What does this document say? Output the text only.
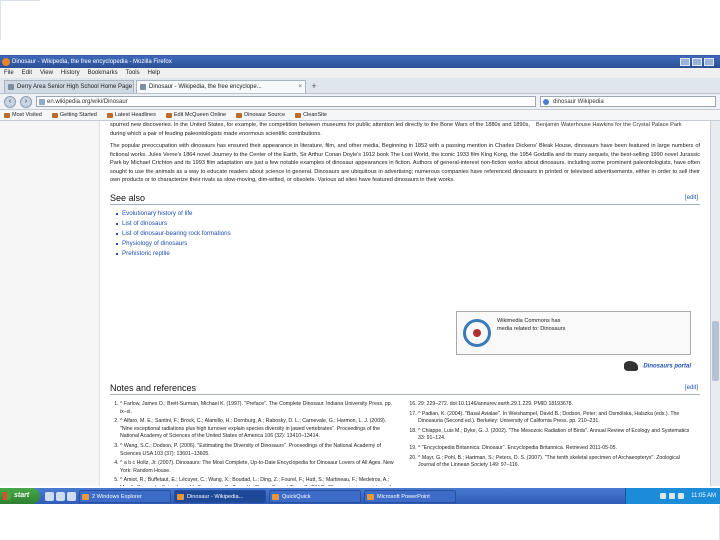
Dinosaur - Wikipedia, the free encyclopedia - Mozilla Firefox
File Edit View History Bookmarks Tools Help
Derry Area Senior High School Home Page	Dinosaur - Wikipedia, the free encyclope...	×	+
‹	›	en.wikipedia.org/wiki/Dinosaur	dinosaur Wikipedia
Most Visited	Getting Started	Latest Headlines	Edit McQueen Online	Dinosaur Source	CleanSite
spurred new discoveries. In the United States, for example, the competition between museums for public attention led directly to the Bone Wars of the 1880s and 1890s, during which a pair of feuding paleontologists made enormous scientific contributions.
Benjamin Waterhouse Hawkins for the Crystal Palace Park
The popular preoccupation with dinosaurs has ensured their appearance in literature, film, and other media. Beginning in 1852 with a passing mention in Charles Dickens' Bleak House, dinosaurs have been featured in large numbers of fictional works. Jules Verne's 1864 novel Journey to the Center of the Earth, Sir Arthur Conan Doyle's 1912 book The Lost World, the iconic 1933 film King Kong, the 1954 Godzilla and its many sequels, the best-selling 1990 novel Jurassic Park by Michael Crichton and its 1993 film adaptation are just a few notable examples of dinosaur appearances in fiction. Authors of general-interest non-fiction works about dinosaurs, including some prominent paleontologists, have often sought to use the animals as a way to educate readers about science in general. Dinosaurs are ubiquitous in advertising; numerous companies have referenced dinosaurs in printed or televised advertisements, either in order to sell their own products or to characterize their rivals as slow-moving, dim-witted, or obsolete. Various ad sites have featured dinosaurs in their works.
See also	[edit]
Evolutionary history of life
List of dinosaurs
List of dinosaur-bearing rock formations
Physiology of dinosaurs
Prehistoric reptile
Wikimedia Commons has media related to: Dinosaurs
Dinosaurs portal
Notes and references	[edit]
1. ^ Farlow, James O.; Brett-Surman, Michael K. (1997). "Preface". The Complete Dinosaur. Indiana University Press. pp. ix–xi.
2. ^ Alfaro, M. E.; Santini, F.; Brock, C.; Alamillo, H.; Dornburg, A.; Rabosky, D. L.; Carnevale, G.; Harmon, L. J. (2009). "Nine exceptional radiations plus high turnover explain species diversity in jawed vertebrates". Proceedings of the National Academy of Sciences of the United States of America 106 (32): 13410–13414.
3. ^ Wang, S.C.; Dodson, P. (2006). "Estimating the Diversity of Dinosaurs". Proceedings of the National Academy of Sciences USA 103 (37): 13601–13605.
4. ^ a b c Holtz, Jr. (2007). Dinosaurs: The Most Complete, Up-to-Date Encyclopedia for Dinosaur Lovers of All Ages. New York: Random House.
5. ^ Amiot, R.; Buffetaut, E.; Lécuyer, C.; Wang, X.; Boudad, L.; Ding, Z.; Fourel, F.; Hutt, S.; Martineau, F.; Medeiros, A.;
16. 29: 229–272. doi:10.1146/annurev.earth.29.1.229. PMID 18193678.
17. ^ Padian, K. (2004). "Basal Avialae". In Weishampel, David B.; Dodson, Peter; and Osmólska, Halszka (eds.). The Dinosauria (Second ed.). Berkeley: University of California Press. pp. 210–231.
18. ^ Chiappe, Luis M.; Dyke, G. J. (2002). "The Mesozoic Radiation of Birds". Annual Review of Ecology and Systematics 33: 91–124.
19. ^ "Encyclopedia Britannica: Dinosaur". Encyclopedia Britannica. Retrieved 2011-05-05.
20. ^ Mayr, G.; Pohl, B.; Hartman, S.; Peters, D. S. (2007). "The tenth skeletal specimen of Archaeopteryx". Zoological Journal of the Linnean Society 149: 97–116.
start	2 Windows Explorer	Dinosaur - Wikipedia...	QuickQuick	Microsoft PowerPoint	11:05 AM
